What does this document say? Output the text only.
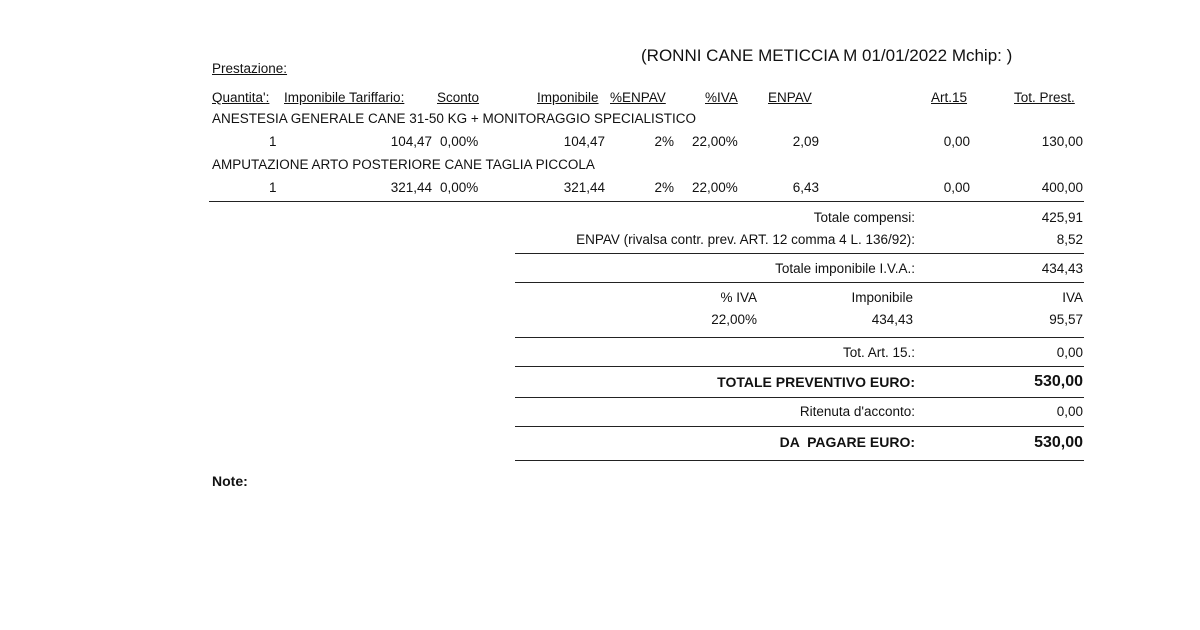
(RONNI CANE METICCIA M 01/01/2022 Mchip: )
Prestazione:
Quantita': Imponibile Tariffario: Sconto	Imponibile %ENPAV	%IVA ENPAV	Art.15	Tot. Prest.
ANESTESIA GENERALE CANE 31-50 KG + MONITORAGGIO SPECIALISTICO
1	104,47 0,00%	104,47	2% 22,00%	2,09	0,00	130,00
AMPUTAZIONE ARTO POSTERIORE CANE TAGLIA PICCOLA
1	321,44 0,00%	321,44	2% 22,00%	6,43	0,00	400,00
Totale compensi:	425,91
ENPAV (rivalsa contr. prev. ART. 12 comma 4 L. 136/92):	8,52
Totale imponibile I.V.A.:	434,43
% IVA	Imponibile	IVA
22,00%	434,43	95,57
Tot. Art. 15.:	0,00
TOTALE PREVENTIVO EURO:	530,00
Ritenuta d'acconto:	0,00
DA  PAGARE EURO:	530,00
Note:
